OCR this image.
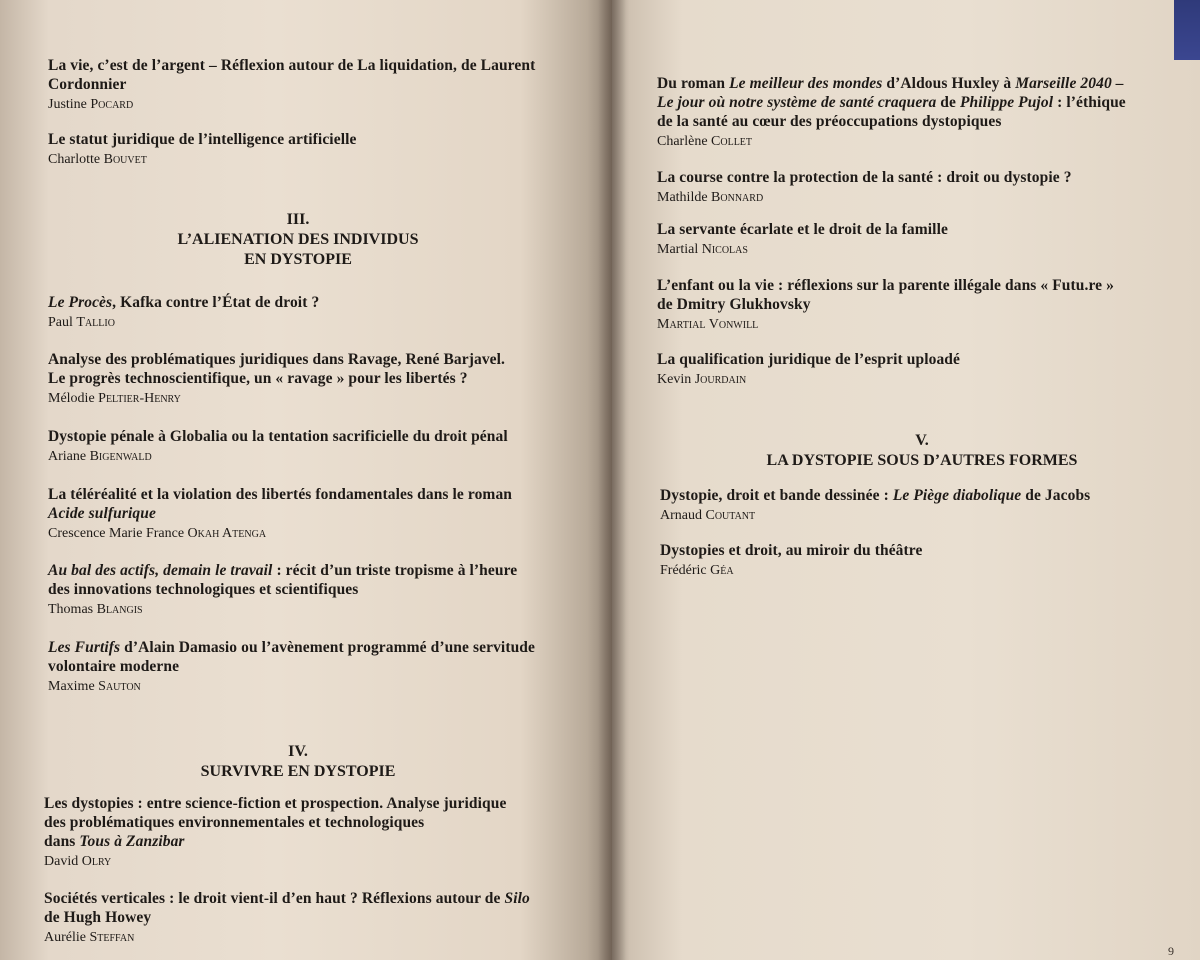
La vie, c’est de l’argent – Réflexion autour de La liquidation, de Laurent Cordonnier
Justine Pocard
Le statut juridique de l’intelligence artificielle
Charlotte Bouvet
III.
L’ALIENATION DES INDIVIDUS
EN DYSTOPIE
Le Procès, Kafka contre l’État de droit ?
Paul Tallio
Analyse des problématiques juridiques dans Ravage, René Barjavel.
Le progrès technoscientifique, un « ravage » pour les libertés ?
Mélodie Peltier-Henry
Dystopie pénale à Globalia ou la tentation sacrificielle du droit pénal
Ariane Bigenwald
La téléréalité et la violation des libertés fondamentales dans le roman
Acide sulfurique
Crescence Marie France Okah Atenga
Au bal des actifs, demain le travail : récit d’un triste tropisme à l’heure
des innovations technologiques et scientifiques
Thomas Blangis
Les Furtifs d’Alain Damasio ou l’avènement programmé d’une servitude
volontaire moderne
Maxime Sauton
IV.
SURVIVRE EN DYSTOPIE
Les dystopies : entre science-fiction et prospection. Analyse juridique
des problématiques environnementales et technologiques
dans Tous à Zanzibar
David Olry
Sociétés verticales : le droit vient-il d’en haut ? Réflexions autour de Silo
de Hugh Howey
Aurélie Steffan
Du roman Le meilleur des mondes d’Aldous Huxley à Marseille 2040 –
Le jour où notre système de santé craquera de Philippe Pujol : l’éthique
de la santé au cœur des préoccupations dystopiques
Charlène Collet
La course contre la protection de la santé : droit ou dystopie ?
Mathilde Bonnard
La servante écarlate et le droit de la famille
Martial Nicolas
L’enfant ou la vie : réflexions sur la parente illégale dans « Futu.re »
de Dmitry Glukhovsky
Martial Vonwill
La qualification juridique de l’esprit uploadé
Kevin Jourdain
V.
LA DYSTOPIE SOUS D’AUTRES FORMES
Dystopie, droit et bande dessinée : Le Piège diabolique de Jacobs
Arnaud Coutant
Dystopies et droit, au miroir du théâtre
Frédéric Géa
9
